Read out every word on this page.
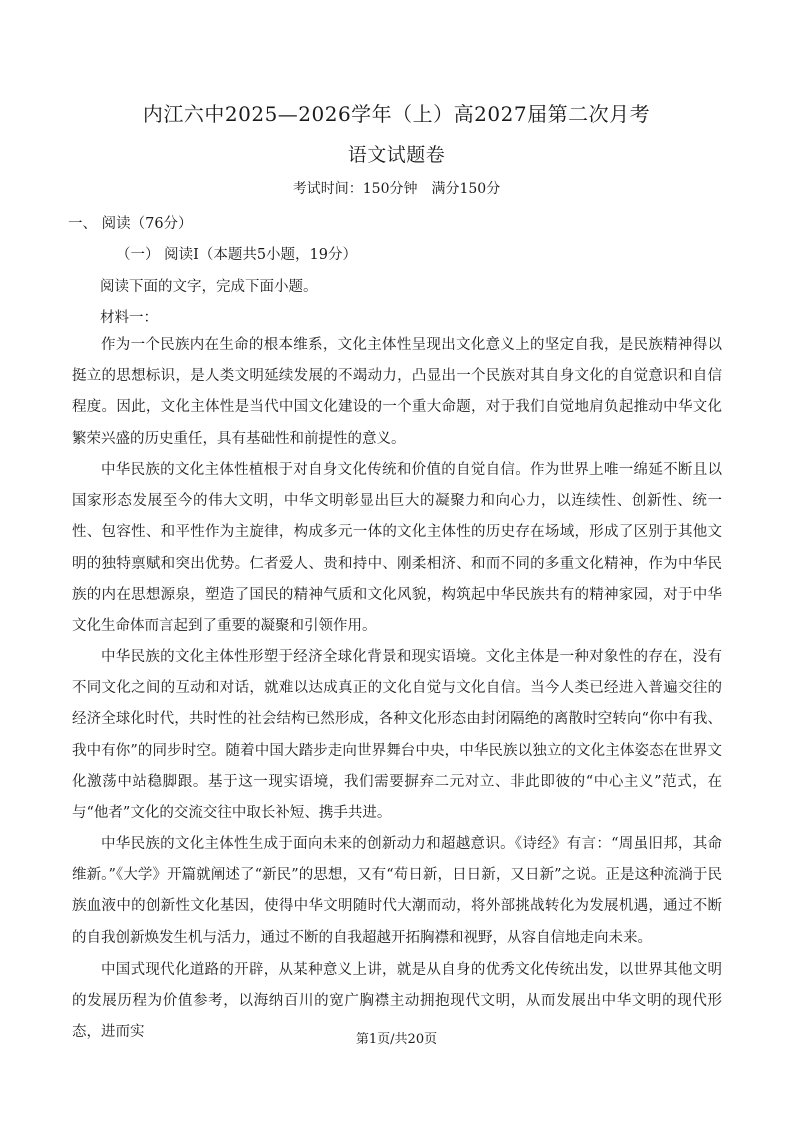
内江六中2025—2026学年（上）高2027届第二次月考
语文试题卷
考试时间：150分钟　满分150分
一、 阅读（76分）
（一） 阅读Ⅰ（本题共5小题，19分）
阅读下面的文字，完成下面小题。
材料一：

作为一个民族内在生命的根本维系，文化主体性呈现出文化意义上的坚定自我，是民族精神得以挺立的思想标识，是人类文明延续发展的不竭动力，凸显出一个民族对其自身文化的自觉意识和自信程度。因此，文化主体性是当代中国文化建设的一个重大命题，对于我们自觉地肩负起推动中华文化繁荣兴盛的历史重任，具有基础性和前提性的意义。

中华民族的文化主体性植根于对自身文化传统和价值的自觉自信。作为世界上唯一绵延不断且以国家形态发展至今的伟大文明，中华文明彰显出巨大的凝聚力和向心力，以连续性、创新性、统一性、包容性、和平性作为主旋律，构成多元一体的文化主体性的历史存在场域，形成了区别于其他文明的独特禀赋和突出优势。仁者爱人、贵和持中、刚柔相济、和而不同的多重文化精神，作为中华民族的内在思想源泉，塑造了国民的精神气质和文化风貌，构筑起中华民族共有的精神家园，对于中华文化生命体而言起到了重要的凝聚和引领作用。

中华民族的文化主体性形塑于经济全球化背景和现实语境。文化主体是一种对象性的存在，没有不同文化之间的互动和对话，就难以达成真正的文化自觉与文化自信。当今人类已经进入普遍交往的经济全球化时代，共时性的社会结构已然形成，各种文化形态由封闭隔绝的离散时空转向“你中有我、我中有你”的同步时空。随着中国大踏步走向世界舞台中央，中华民族以独立的文化主体姿态在世界文化激荡中站稳脚跟。基于这一现实语境，我们需要摒弃二元对立、非此即彼的“中心主义”范式，在与“他者”文化的交流交往中取长补短、携手共进。

中华民族的文化主体性生成于面向未来的创新动力和超越意识。《诗经》有言：“周虽旧邦，其命维新。”《大学》开篇就阐述了“新民”的思想，又有“苟日新，日日新，又日新”之说。正是这种流淌于民族血液中的创新性文化基因，使得中华文明随时代大潮而动，将外部挑战转化为发展机遇，通过不断的自我创新焕发生机与活力，通过不断的自我超越开拓胸襟和视野，从容自信地走向未来。

中国式现代化道路的开辟，从某种意义上讲，就是从自身的优秀文化传统出发，以世界其他文明的发展历程为价值参考，以海纳百川的宽广胸襟主动拥抱现代文明，从而发展出中华文明的现代形态，进而实	第1页/共20页
